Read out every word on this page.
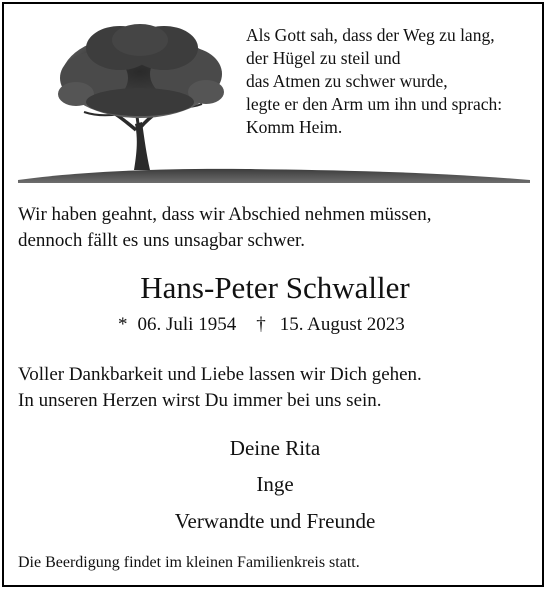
Als Gott sah, dass der Weg zu lang,
der Hügel zu steil und
das Atmen zu schwer wurde,
legte er den Arm um ihn und sprach:
Komm Heim.
Wir haben geahnt, dass wir Abschied nehmen müssen,
dennoch fällt es uns unsagbar schwer.
Hans-Peter Schwaller
* 06. Juli 1954 † 15. August 2023
Voller Dankbarkeit und Liebe lassen wir Dich gehen.
In unseren Herzen wirst Du immer bei uns sein.
Deine Rita
Inge
Verwandte und Freunde
Die Beerdigung findet im kleinen Familienkreis statt.
